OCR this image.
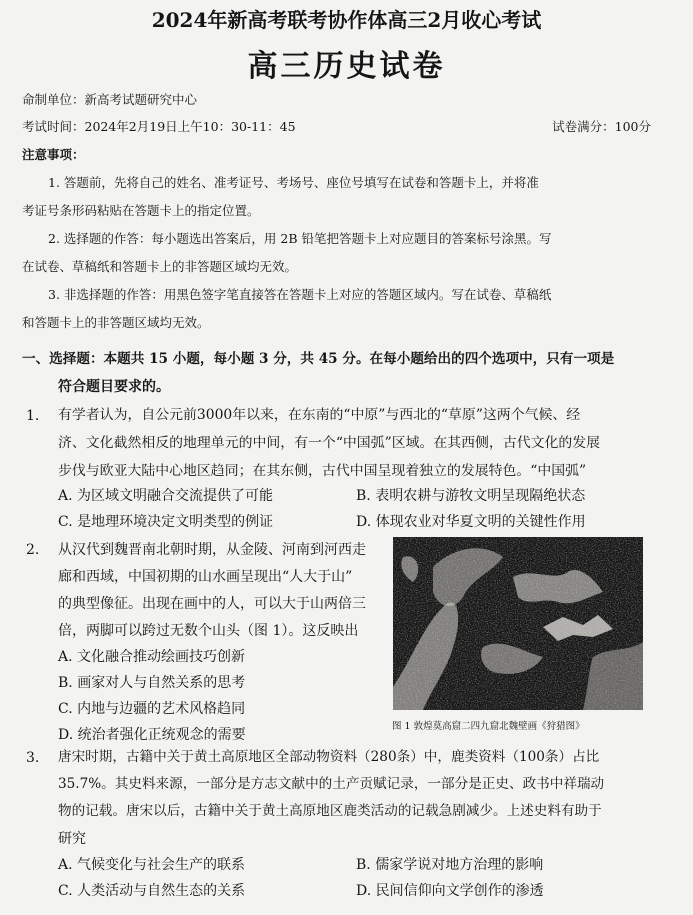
2024年新高考联考协作体高三2月收心考试
高三历史试卷
命制单位：新高考试题研究中心
考试时间：2024年2月19日上午10：30-11：45	试卷满分：100分
注意事项：
1. 答题前，先将自己的姓名、准考证号、考场号、座位号填写在试卷和答题卡上，并将准
考证号条形码粘贴在答题卡上的指定位置。
2. 选择题的作答：每小题选出答案后，用 2B 铅笔把答题卡上对应题目的答案标号涂黑。写
在试卷、草稿纸和答题卡上的非答题区域均无效。
3. 非选择题的作答：用黑色签字笔直接答在答题卡上对应的答题区域内。写在试卷、草稿纸
和答题卡上的非答题区域均无效。
一、选择题：本题共 15 小题，每小题 3 分，共 45 分。在每小题给出的四个选项中，只有一项是
符合题目要求的。
1. 有学者认为，自公元前3000年以来，在东南的“中原”与西北的“草原”这两个气候、经
济、文化截然相反的地理单元的中间，有一个“中国弧”区域。在其西侧，古代文化的发展
步伐与欧亚大陆中心地区趋同；在其东侧，古代中国呈现着独立的发展特色。“中国弧”
A. 为区域文明融合交流提供了可能	B. 表明农耕与游牧文明呈现隔绝状态
C. 是地理环境决定文明类型的例证	D. 体现农业对华夏文明的关键性作用
2. 从汉代到魏晋南北朝时期，从金陵、河南到河西走
廊和西域，中国初期的山水画呈现出“人大于山”
的典型像征。出现在画中的人，可以大于山两倍三
倍，两脚可以跨过无数个山头（图 1）。这反映出
A. 文化融合推动绘画技巧创新
B. 画家对人与自然关系的思考
C. 内地与边疆的艺术风格趋同
D. 统治者强化正统观念的需要
图 1 敦煌莫高窟二四九窟北魏壁画《狩猎图》
3. 唐宋时期，古籍中关于黄土高原地区全部动物资料（280条）中，鹿类资料（100条）占比
35.7%。其史料来源，一部分是方志文献中的土产贡赋记录，一部分是正史、政书中祥瑞动
物的记载。唐宋以后，古籍中关于黄土高原地区鹿类活动的记载急剧减少。上述史料有助于
研究
A. 气候变化与社会生产的联系	B. 儒家学说对地方治理的影响
C. 人类活动与自然生态的关系	D. 民间信仰向文学创作的渗透
